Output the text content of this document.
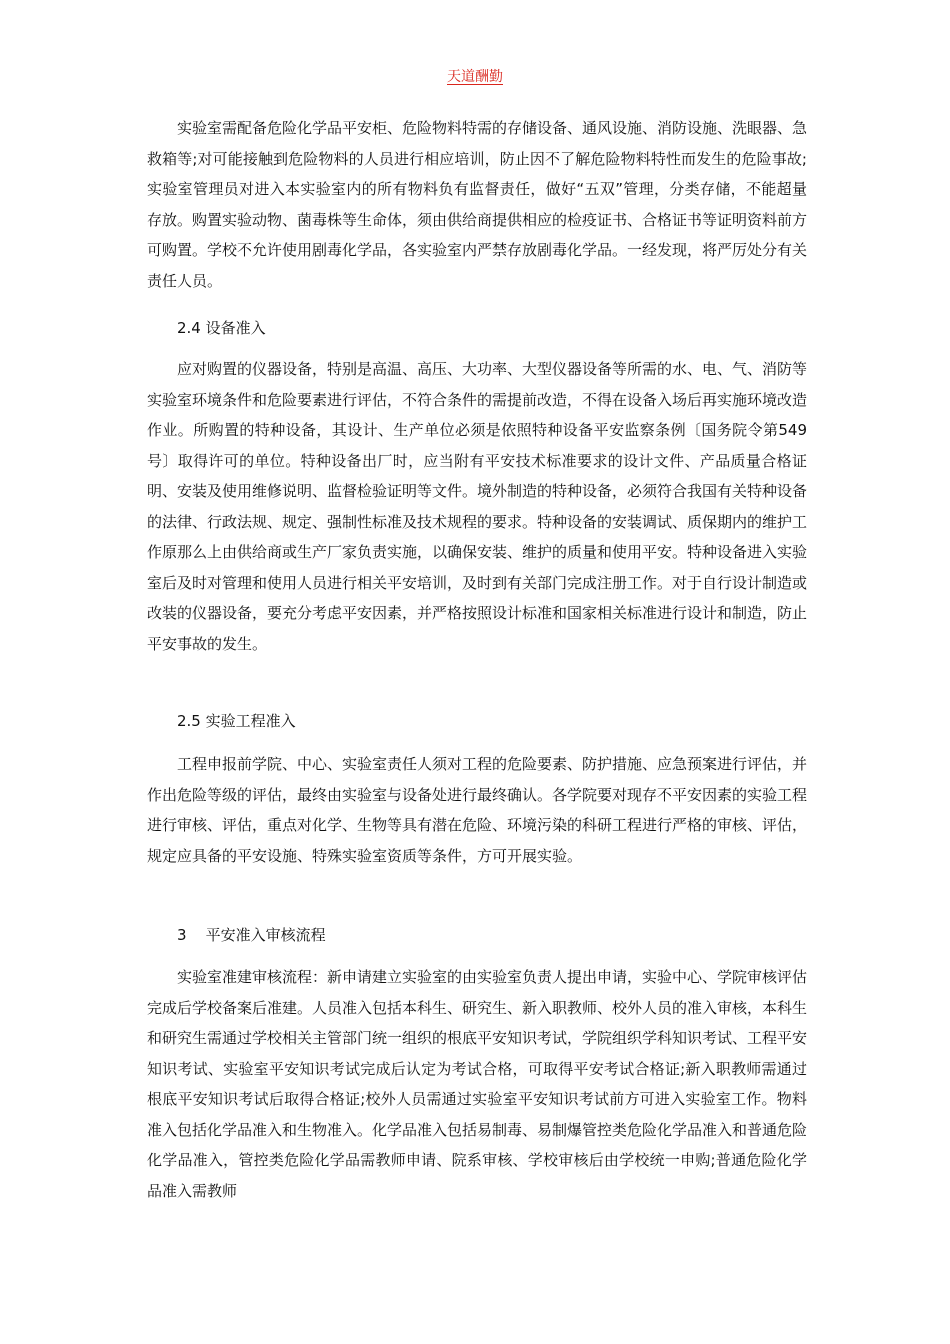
天道酬勤

实验室需配备危险化学品平安柜、危险物料特需的存储设备、通风设施、消防设施、洗眼器、急救箱等;对可能接触到危险物料的人员进行相应培训，防止因不了解危险物料特性而发生的危险事故;实验室管理员对进入本实验室内的所有物料负有监督责任，做好“五双”管理，分类存储，不能超量存放。购置实验动物、菌毒株等生命体，须由供给商提供相应的检疫证书、合格证书等证明资料前方可购置。学校不允许使用剧毒化学品，各实验室内严禁存放剧毒化学品。一经发现，将严厉处分有关责任人员。

2.4 设备准入

应对购置的仪器设备，特别是高温、高压、大功率、大型仪器设备等所需的水、电、气、消防等实验室环境条件和危险要素进行评估，不符合条件的需提前改造，不得在设备入场后再实施环境改造作业。所购置的特种设备，其设计、生产单位必须是依照特种设备平安监察条例〔国务院令第549号〕取得许可的单位。特种设备出厂时，应当附有平安技术标准要求的设计文件、产品质量合格证明、安装及使用维修说明、监督检验证明等文件。境外制造的特种设备，必须符合我国有关特种设备的法律、行政法规、规定、强制性标准及技术规程的要求。特种设备的安装调试、质保期内的维护工作原那么上由供给商或生产厂家负责实施，以确保安装、维护的质量和使用平安。特种设备进入实验室后及时对管理和使用人员进行相关平安培训，及时到有关部门完成注册工作。对于自行设计制造或改装的仪器设备，要充分考虑平安因素，并严格按照设计标准和国家相关标准进行设计和制造，防止平安事故的发生。

2.5 实验工程准入

工程申报前学院、中心、实验室责任人须对工程的危险要素、防护措施、应急预案进行评估，并作出危险等级的评估，最终由实验室与设备处进行最终确认。各学院要对现存不平安因素的实验工程进行审核、评估，重点对化学、生物等具有潜在危险、环境污染的科研工程进行严格的审核、评估，规定应具备的平安设施、特殊实验室资质等条件，方可开展实验。

3    平安准入审核流程

实验室准建审核流程：新申请建立实验室的由实验室负责人提出申请，实验中心、学院审核评估完成后学校备案后准建。人员准入包括本科生、研究生、新入职教师、校外人员的准入审核，本科生和研究生需通过学校相关主管部门统一组织的根底平安知识考试，学院组织学科知识考试、工程平安知识考试、实验室平安知识考试完成后认定为考试合格，可取得平安考试合格证;新入职教师需通过根底平安知识考试后取得合格证;校外人员需通过实验室平安知识考试前方可进入实验室工作。物料准入包括化学品准入和生物准入。化学品准入包括易制毒、易制爆管控类危险化学品准入和普通危险化学品准入，管控类危险化学品需教师申请、院系审核、学校审核后由学校统一申购;普通危险化学品准入需教师
